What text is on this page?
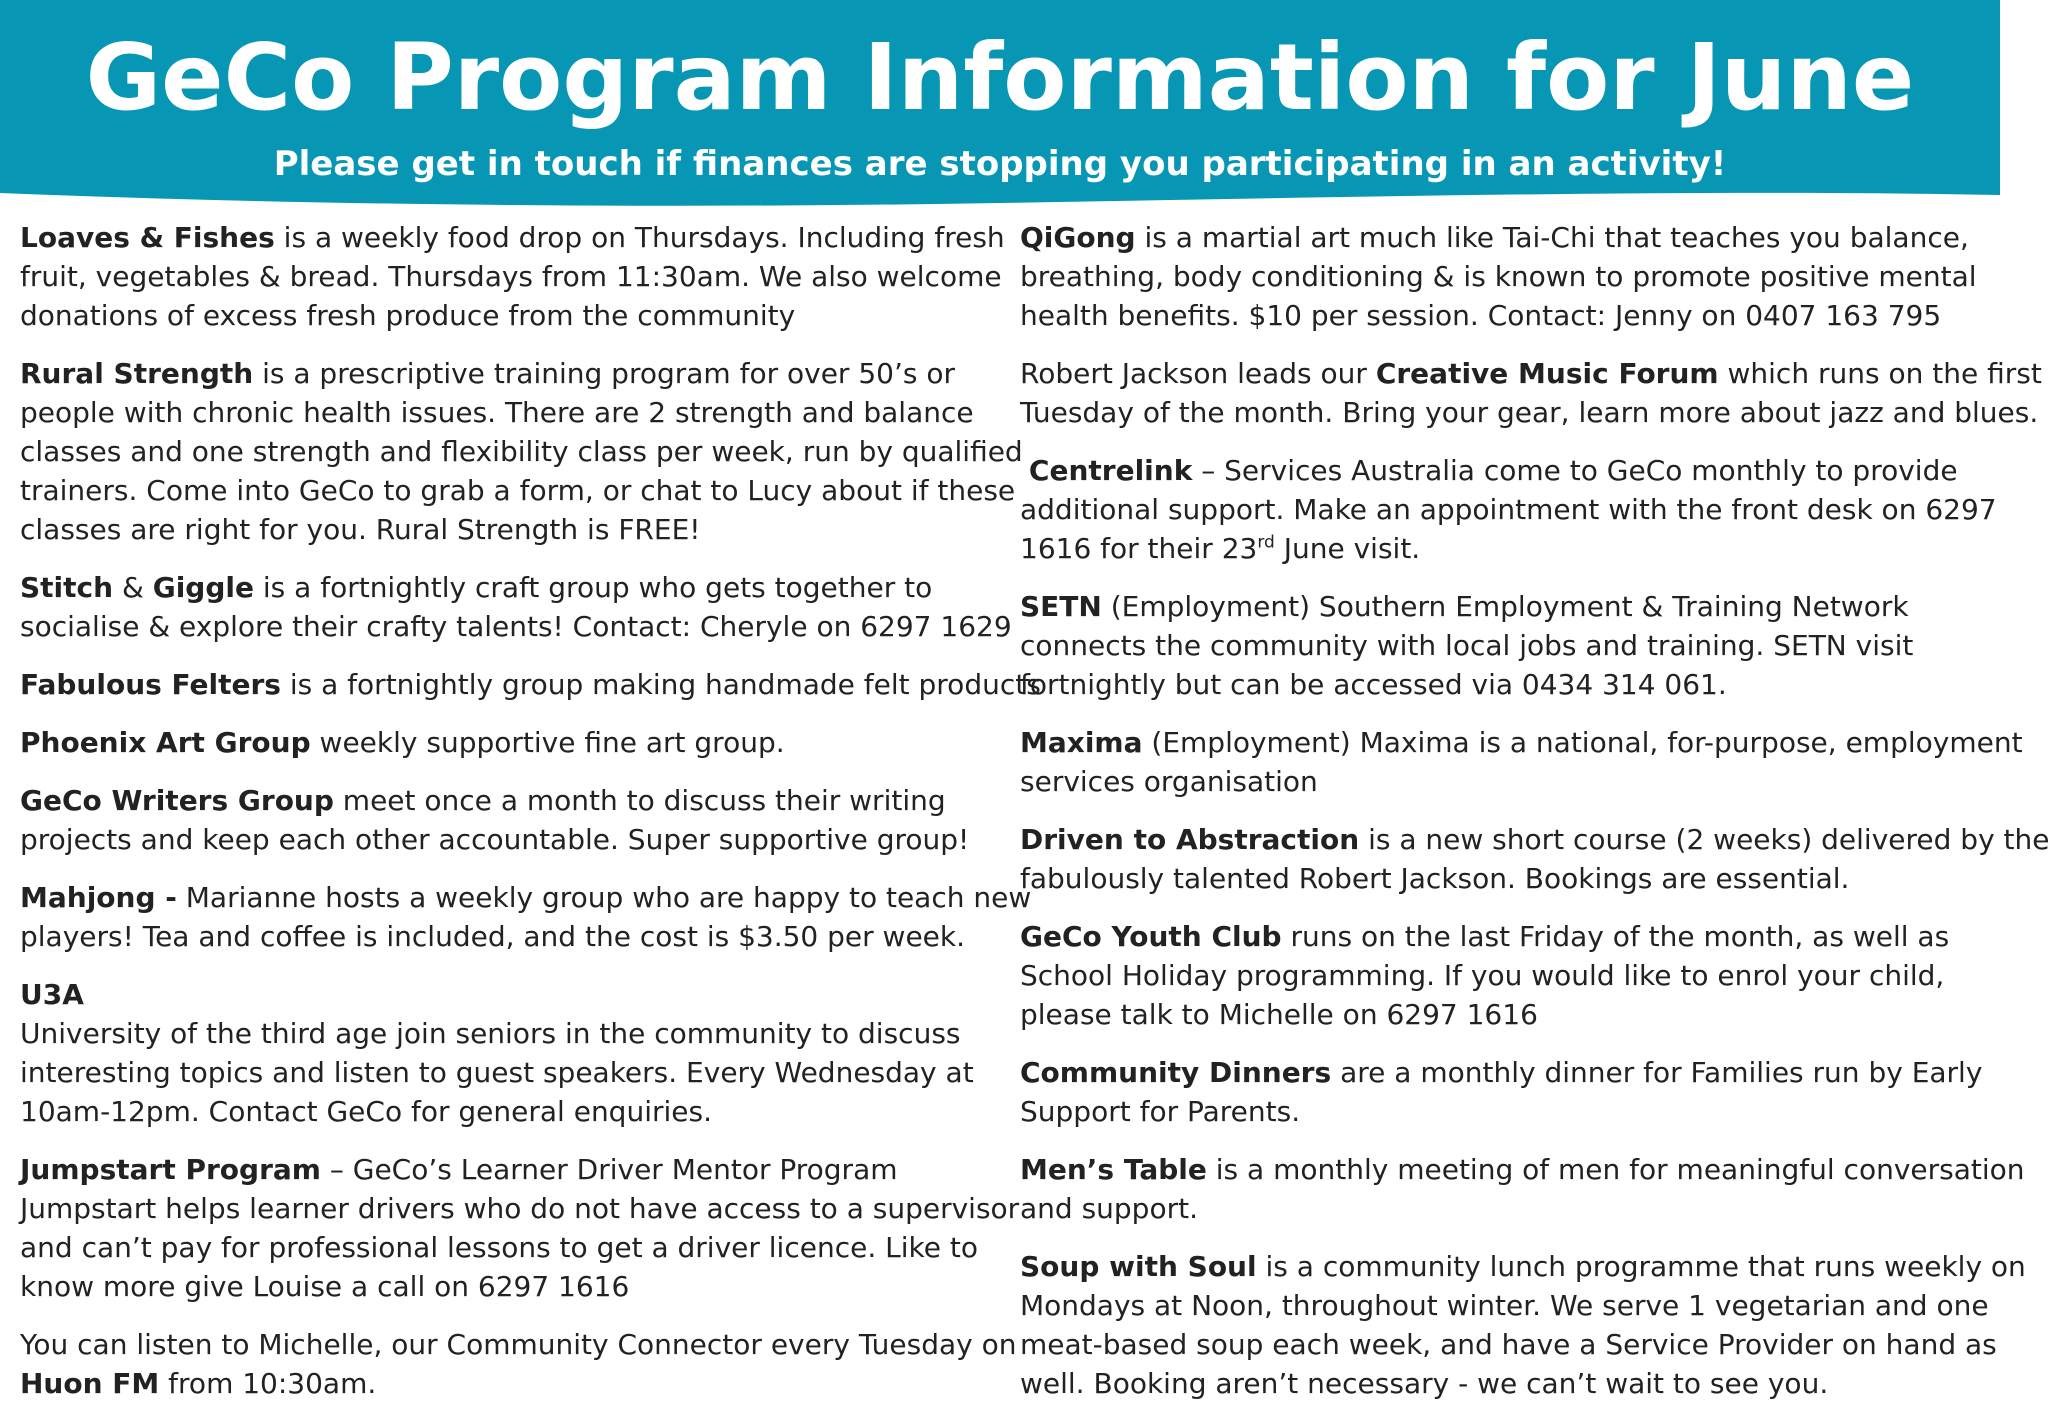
GeCo Program Information for June
Please get in touch if finances are stopping you participating in an activity!
Loaves & Fishes is a weekly food drop on Thursdays. Including fresh
fruit, vegetables & bread. Thursdays from 11:30am. We also welcome
donations of excess fresh produce from the community
Rural Strength is a prescriptive training program for over 50’s or
people with chronic health issues. There are 2 strength and balance
classes and one strength and flexibility class per week, run by qualified
trainers. Come into GeCo to grab a form, or chat to Lucy about if these
classes are right for you. Rural Strength is FREE!
Stitch & Giggle is a fortnightly craft group who gets together to
socialise & explore their crafty talents! Contact: Cheryle on 6297 1629
Fabulous Felters is a fortnightly group making handmade felt products
Phoenix Art Group weekly supportive fine art group.
GeCo Writers Group meet once a month to discuss their writing
projects and keep each other accountable. Super supportive group!
Mahjong - Marianne hosts a weekly group who are happy to teach new
players! Tea and coffee is included, and the cost is $3.50 per week.
U3A
University of the third age join seniors in the community to discuss
interesting topics and listen to guest speakers. Every Wednesday at
10am-12pm. Contact GeCo for general enquiries.
Jumpstart Program – GeCo’s Learner Driver Mentor Program
Jumpstart helps learner drivers who do not have access to a supervisor
and can’t pay for professional lessons to get a driver licence. Like to
know more give Louise a call on 6297 1616
You can listen to Michelle, our Community Connector every Tuesday on
Huon FM from 10:30am.
QiGong is a martial art much like Tai-Chi that teaches you balance,
breathing, body conditioning & is known to promote positive mental
health benefits. $10 per session. Contact: Jenny on 0407 163 795
Robert Jackson leads our Creative Music Forum which runs on the first
Tuesday of the month. Bring your gear, learn more about jazz and blues.
Centrelink – Services Australia come to GeCo monthly to provide
additional support. Make an appointment with the front desk on 6297
1616 for their 23rd June visit.
SETN (Employment) Southern Employment & Training Network
connects the community with local jobs and training. SETN visit
fortnightly but can be accessed via 0434 314 061.
Maxima (Employment) Maxima is a national, for-purpose, employment
services organisation
Driven to Abstraction is a new short course (2 weeks) delivered by the
fabulously talented Robert Jackson. Bookings are essential.
GeCo Youth Club runs on the last Friday of the month, as well as
School Holiday programming. If you would like to enrol your child,
please talk to Michelle on 6297 1616
Community Dinners are a monthly dinner for Families run by Early
Support for Parents.
Men’s Table is a monthly meeting of men for meaningful conversation
and support.
Soup with Soul is a community lunch programme that runs weekly on
Mondays at Noon, throughout winter. We serve 1 vegetarian and one
meat-based soup each week, and have a Service Provider on hand as
well. Booking aren’t necessary - we can’t wait to see you.
